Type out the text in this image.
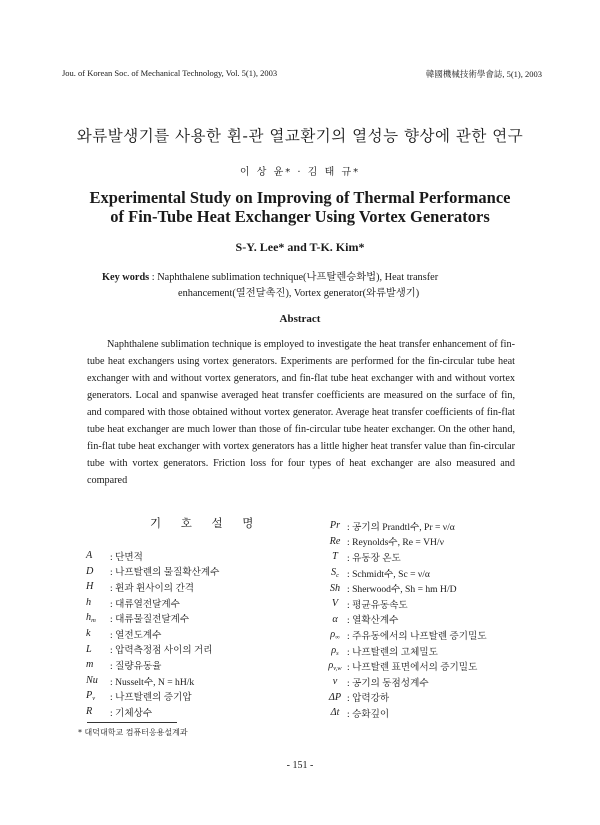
Jou. of Korean Soc. of Mechanical Technology, Vol. 5(1), 2003	韓國機械技術學會誌, 5(1), 2003
와류발생기를 사용한 휜-관 열교환기의 열성능 향상에 관한 연구
이 상 윤* · 김 태 규*
Experimental Study on Improving of Thermal Performance
of Fin-Tube Heat Exchanger Using Vortex Generators
S-Y. Lee* and T-K. Kim*
Key words : Naphthalene sublimation technique(나프탈렌승화법), Heat transfer
enhancement(열전달촉진), Vortex generator(와류발생기)
Abstract

Naphthalene sublimation technique is employed to investigate the heat transfer enhancement of fin-tube heat exchangers using vortex generators. Experiments are performed for the fin-circular tube heat exchanger with and without vortex generators, and fin-flat tube heat exchanger with and without vortex generators. Local and spanwise averaged heat transfer coefficients are measured on the surface of fin, and compared with those obtained without vortex generator. Average heat transfer coefficients of fin-flat tube heat exchanger are much lower than those of fin-circular tube heater exchanger. On the other hand, fin-flat tube heat exchanger with vortex generators has a little higher heat transfer value than fin-circular tube with vortex generators. Friction loss for four types of heat exchanger are also measured and compared

기 호 설 명
A	: 단면적
D	: 나프탈렌의 물질확산계수
H	: 휜과 휜사이의 간격
h	: 대류열전달계수
$h_m$	: 대류물질전달계수
k	: 열전도계수
L	: 압력측정점 사이의 거리
m	: 질량유동율
Nu	: Nusselt수, N = hH/k
$P_v$	: 나프탈렌의 증기압
R	: 기체상수
Pr : 공기의 Prandtl수, Pr = ν/α
Re : Reynolds수, Re = VH/ν
T : 유동장 온도
$S_c$ : Schmidt수, Sc = ν/α
Sh : Sherwood수, Sh = hm H/D
V : 평균유동속도
α : 열확산계수
$\rho_\infty$ : 주유동에서의 나프탈렌 증기밀도
$\rho_s$ : 나프탈렌의 고체밀도
$\rho_{v,w}$ : 나프탈렌 표면에서의 증기밀도
ν	: 공기의 동점성계수
ΔP : 압력강하
Δt : 승화깊이
* 대덕대학교 컴퓨터응용설계과
- 151 -
